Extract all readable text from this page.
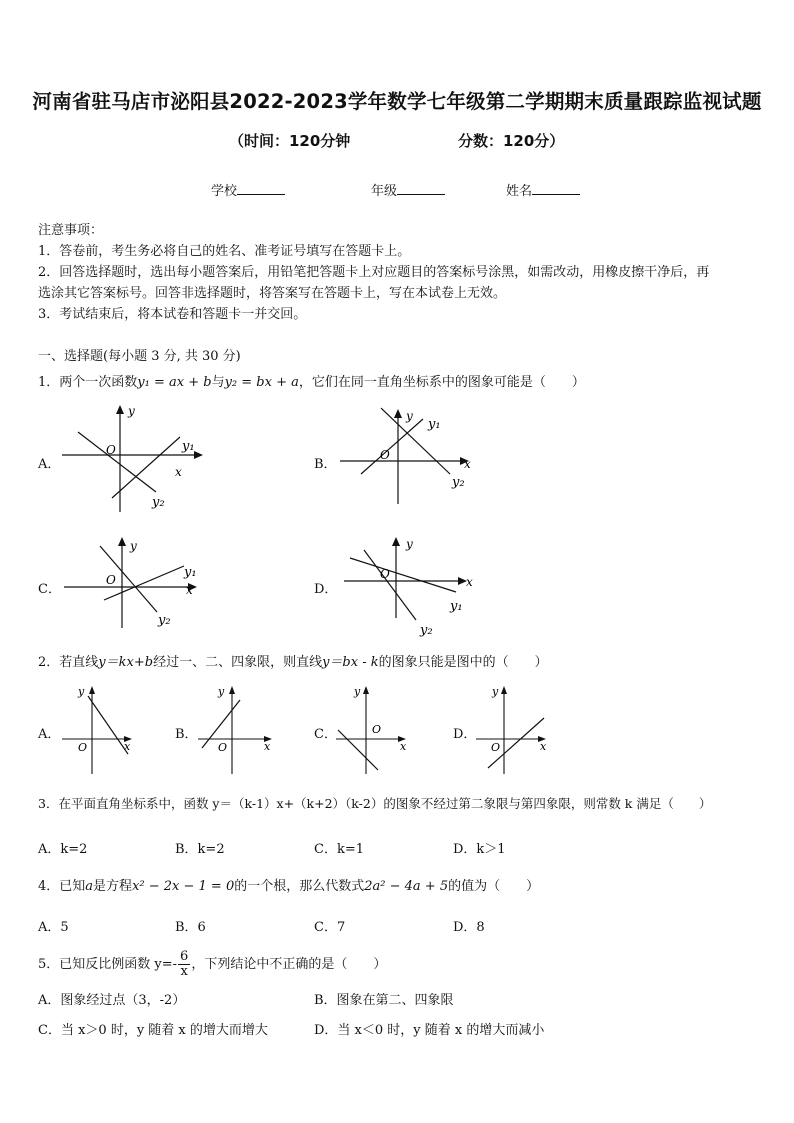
河南省驻马店市泌阳县2022-2023学年数学七年级第二学期期末质量跟踪监视试题
（时间：120分钟	分数：120分）
学校	年级	姓名
注意事项：
1．答卷前，考生务必将自己的姓名、准考证号填写在答题卡上。
2．回答选择题时，选出每小题答案后，用铅笔把答题卡上对应题目的答案标号涂黑，如需改动，用橡皮擦干净后，再
选涂其它答案标号。回答非选择题时，将答案写在答题卡上，写在本试卷上无效。
3．考试结束后，将本试卷和答题卡一并交回。
一、选择题(每小题 3 分, 共 30 分)
1．两个一次函数y₁ = ax + b与y₂ = bx + a，它们在同一直角坐标系中的图象可能是（　　）
A．
y
O
x
y₁
y₂
B．
y
O
x
y₁
y₂
C．
y
O
x
y₁
y₂
D．
y
O
x
y₁
y₂
2．若直线y＝kx+b经过一、二、四象限，则直线y＝bx - k的图象只能是图中的（　　）
A．
y
O	x
B．
y
O	x
C．
y
O
x
D．
y
O	x
3．在平面直角坐标系中，函数 y＝（k-1）x+（k+2）（k-2）的图象不经过第二象限与第四象限，则常数 k 满足（　　）
A．k=2	B．k=2	C．k=1	D．k＞1
4．已知a是方程x² − 2x − 1 = 0的一个根，那么代数式2a² − 4a + 5的值为（　　）
A．5	B．6	C．7	D．8
5．已知反比例函数 $y=- \frac{6}{x}$ ，下列结论中不正确的是（　　）
A．图象经过点（3，-2）	B．图象在第二、四象限
C．当 x＞0 时，y 随着 x 的增大而增大	D．当 x＜0 时，y 随着 x 的增大而减小
